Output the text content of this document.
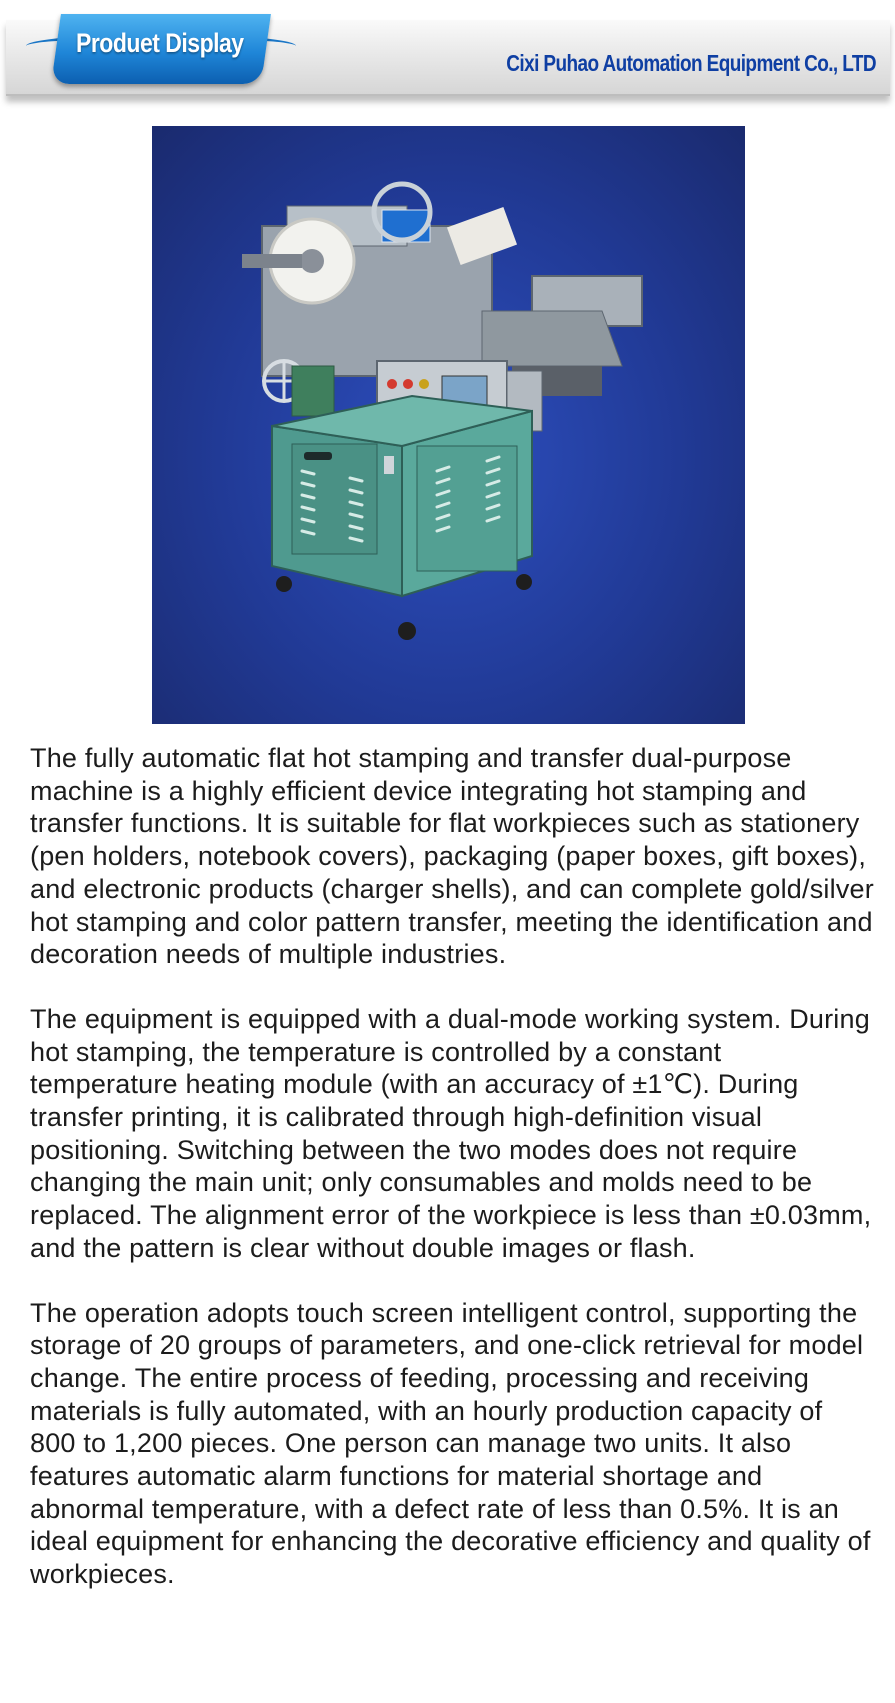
Produet Display
Cixi Puhao Automation Equipment Co., LTD

The fully automatic flat hot stamping and transfer dual-purpose machine is a highly efficient device integrating hot stamping and transfer functions. It is suitable for flat workpieces such as stationery (pen holders, notebook covers), packaging (paper boxes, gift boxes), and electronic products (charger shells), and can complete gold/silver hot stamping and color pattern transfer, meeting the identification and decoration needs of multiple industries.

The equipment is equipped with a dual-mode working system. During hot stamping, the temperature is controlled by a constant temperature heating module (with an accuracy of ±1℃). During transfer printing, it is calibrated through high-definition visual positioning. Switching between the two modes does not require changing the main unit; only consumables and molds need to be replaced. The alignment error of the workpiece is less than ±0.03mm, and the pattern is clear without double images or flash.

The operation adopts touch screen intelligent control, supporting the storage of 20 groups of parameters, and one-click retrieval for model change. The entire process of feeding, processing and receiving materials is fully automated, with an hourly production capacity of 800 to 1,200 pieces. One person can manage two units. It also features automatic alarm functions for material shortage and abnormal temperature, with a defect rate of less than 0.5%. It is an ideal equipment for enhancing the decorative efficiency and quality of workpieces.
